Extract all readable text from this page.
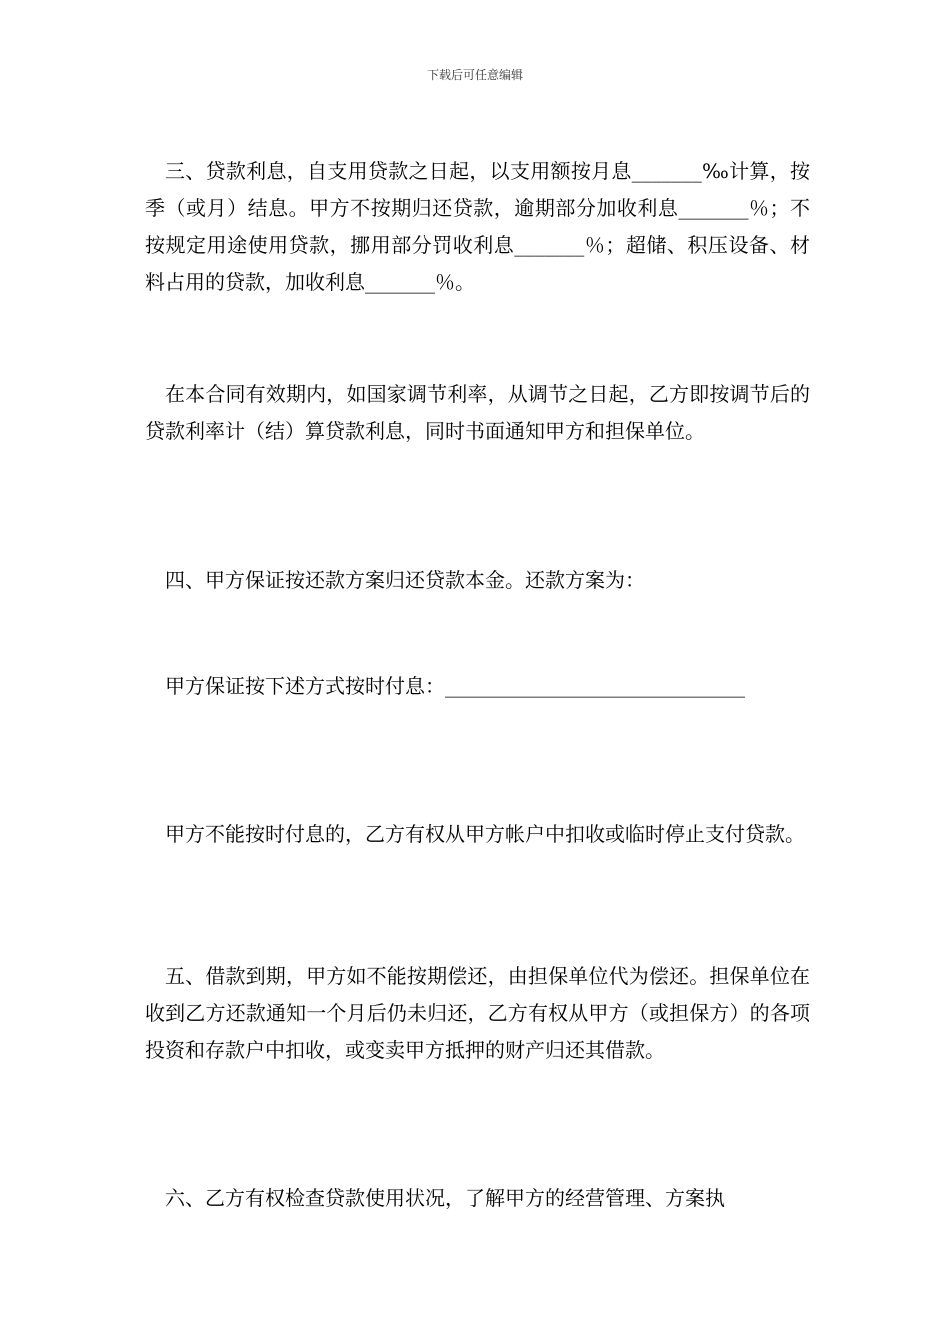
下载后可任意编辑

三、贷款利息，自支用贷款之日起，以支用额按月息_______‰计算，按季（或月）结息。甲方不按期归还贷款，逾期部分加收利息_______％；不按规定用途使用贷款，挪用部分罚收利息_______％；超储、积压设备、材料占用的贷款，加收利息_______％。

在本合同有效期内，如国家调节利率，从调节之日起，乙方即按调节后的贷款利率计（结）算贷款利息，同时书面通知甲方和担保单位。

四、甲方保证按还款方案归还贷款本金。还款方案为：

甲方保证按下述方式按时付息：______________________________

甲方不能按时付息的，乙方有权从甲方帐户中扣收或临时停止支付贷款。

五、借款到期，甲方如不能按期偿还，由担保单位代为偿还。担保单位在收到乙方还款通知一个月后仍未归还，乙方有权从甲方（或担保方）的各项投资和存款户中扣收，或变卖甲方抵押的财产归还其借款。

六、乙方有权检查贷款使用状况，了解甲方的经营管理、方案执
